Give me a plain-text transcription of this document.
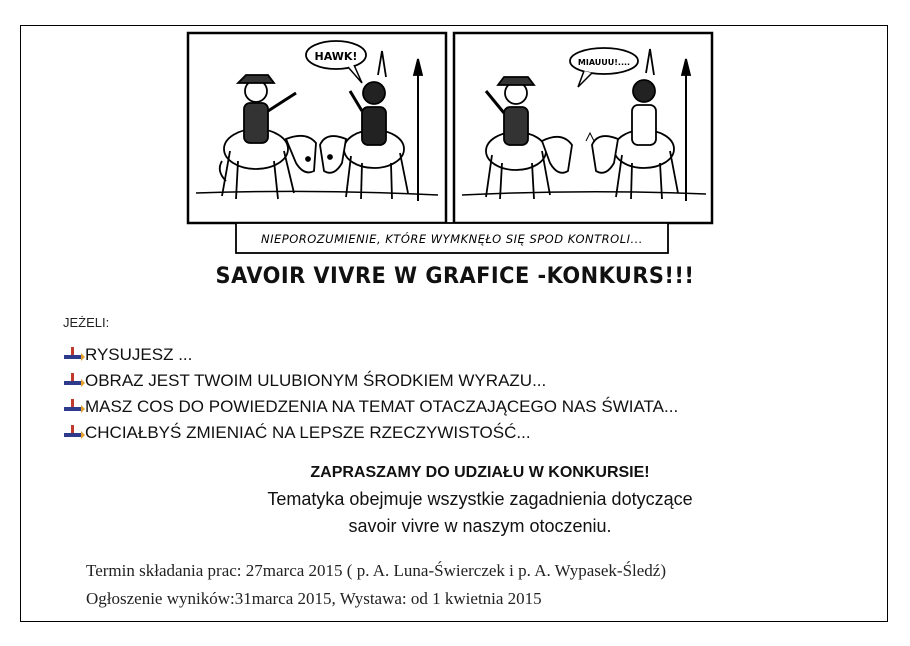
HAWK!	MIAUUU!....
NIEPOROZUMIENIE, KTÓRE WYMKNĘŁO SIĘ SPOD KONTROLI...
SAVOIR VIVRE W GRAFICE -KONKURS!!!
JEŻELI:
RYSUJESZ ...
OBRAZ JEST TWOIM ULUBIONYM ŚRODKIEM WYRAZU...
MASZ COS DO POWIEDZENIA NA TEMAT OTACZAJĄCEGO NAS ŚWIATA...
CHCIAŁBYŚ ZMIENIAĆ NA LEPSZE RZECZYWISTOŚĆ...
ZAPRASZAMY DO UDZIAŁU W KONKURSIE!
Tematyka obejmuje wszystkie zagadnienia dotyczące
savoir vivre w naszym otoczeniu.
Termin składania prac: 27marca 2015 ( p. A. Luna-Świerczek i p. A. Wypasek-Śledź)
Ogłoszenie wyników:31marca 2015, Wystawa: od 1 kwietnia 2015
